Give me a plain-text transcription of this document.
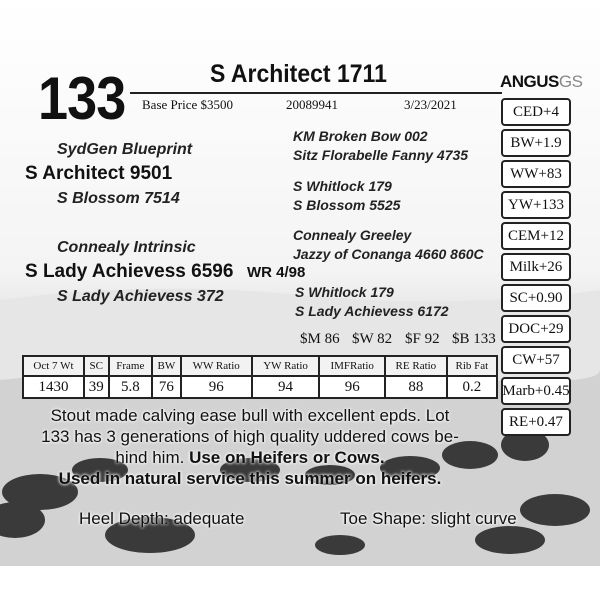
133	S Architect 1711
Base Price $3500	20089941	3/23/2021
ANGUSGS
SydGen Blueprint
S Architect 9501
S Blossom 7514
Connealy Intrinsic
S Lady Achievess 6596 WR 4/98
S Lady Achievess 372
KM Broken Bow 002
Sitz Florabelle Fanny 4735
S Whitlock 179
S Blossom 5525
Connealy Greeley
Jazzy of Conanga 4660 860C
S Whitlock 179
S Lady Achievess 6172
CED+4
BW+1.9
WW+83
YW+133
CEM+12
Milk+26
SC+0.90
DOC+29
CW+57
Marb+0.45
RE+0.47
$M 86 $W 82 $F 92 $B 133
Oct 7 Wt	SC	Frame	BW	WW Ratio	YW Ratio	IMFRatio	RE Ratio	Rib Fat
1430	39	5.8	76	96	94	96	88	0.2
Stout made calving ease bull with excellent epds. Lot
133 has 3 generations of high quality uddered cows be-
hind him. Use on Heifers or Cows.
Used in natural service this summer on heifers.
Heel Depth: adequate	Toe Shape: slight curve
